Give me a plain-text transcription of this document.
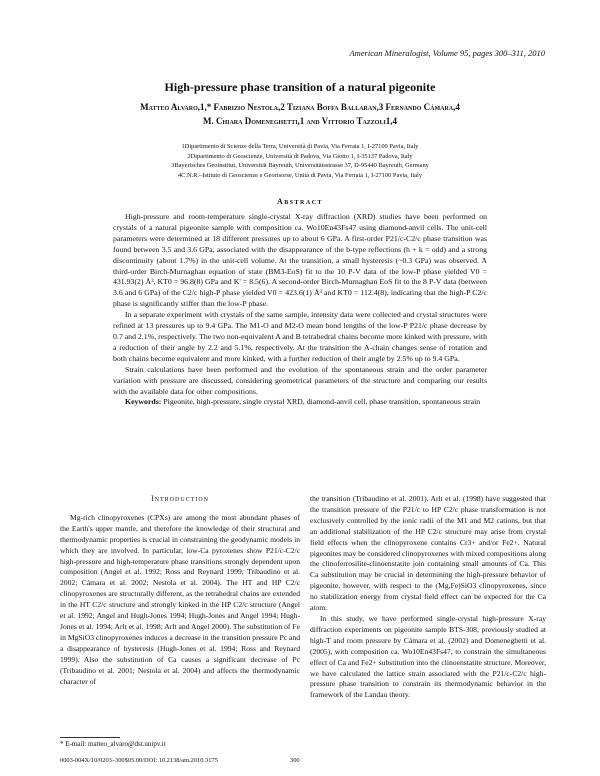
American Mineralogist, Volume 95, pages 300–311, 2010
High-pressure phase transition of a natural pigeonite
Matteo Alvaro,1,* Fabrizio Nestola,2 Tiziana Boffa Ballaran,3 Fernando Cámara,4
M. Chiara Domeneghetti,1 and Vittorio Tazzoli1,4
1Dipartimento di Scienze della Terra, Università di Pavia, Via Ferrata 1, I-27100 Pavia, Italy
2Dipartimento di Geoscienze, Università di Padova, Via Giotto 1, I-35137 Padova, Italy
3Bayerisches Geoinstitut, Universität Bayreuth, Universitätsstrasse 37, D-95440 Bayreuth, Germany
4C.N.R.–Istituto di Geoscienze e Georisorse, Unità di Pavia, Via Ferrata 1, I-27100 Pavia, Italy
Abstract

High-pressure and room-temperature single-crystal X-ray diffraction (XRD) studies have been performed on crystals of a natural pigeonite sample with composition ca. Wo10En43Fs47 using diamond-anvil cells. The unit-cell parameters were determined at 18 different pressures up to about 6 GPa. A first-order P21/c-C2/c phase transition was found between 3.5 and 3.6 GPa, associated with the disappearance of the b-type reflections (h + k = odd) and a strong discontinuity (about 1.7%) in the unit-cell volume. At the transition, a small hysteresis (~0.3 GPa) was observed. A third-order Birch-Murnaghan equation of state (BM3-EoS) fit to the 10 P-V data of the low-P phase yielded V0 = 431.93(2) Å³, KT0 = 96.8(8) GPa and K' = 8.5(6). A second-order Birch-Murnaghan EoS fit to the 8 P-V data (between 3.6 and 6 GPa) of the C2/c high-P phase yielded V0 = 423.6(1) Å³ and KT0 = 112.4(8), indicating that the high-P C2/c phase is significantly stiffer than the low-P phase.

In a separate experiment with crystals of the same sample, intensity data were collected and crystal structures were refined at 13 pressures up to 9.4 GPa. The M1-O and M2-O mean bond lengths of the low-P P21/c phase decrease by 0.7 and 2.1%, respectively. The two non-equivalent A and B tetrahedral chains become more kinked with pressure, with a reduction of their angle by 2.2 and 5.1%, respectively. At the transition the A-chain changes sense of rotation and both chains become equivalent and more kinked, with a further reduction of their angle by 2.5% up to 9.4 GPa.

Strain calculations have been performed and the evolution of the spontaneous strain and the order parameter variation with pressure are discussed, considering geometrical parameters of the structure and comparing our results with the available data for other compositions.

Keywords: Pigeonite, high-pressure, single crystal XRD, diamond-anvil cell, phase transition, spontaneous strain

Introduction

Mg-rich clinopyroxenes (CPXs) are among the most abundant phases of the Earth's upper mantle, and therefore the knowledge of their structural and thermodynamic properties is crucial in constraining the geodynamic models in which they are involved. In particular, low-Ca pyroxenes show P21/c-C2/c high-pressure and high-temperature phase transitions strongly dependent upon composition (Angel et al. 1992; Ross and Reynard 1999; Tribaudino et al. 2002; Cámara et al. 2002; Nestola et al. 2004). The HT and HP C2/c clinopyroxenes are structurally different, as the tetrahedral chains are extended in the HT C2/c structure and strongly kinked in the HP C2/c structure (Angel et al. 1992; Angel and Hugh-Jones 1994; Hugh-Jones and Angel 1994; Hugh-Jones et al. 1994; Arlt et al. 1998; Arlt and Angel 2000). The substitution of Fe in MgSiO3 clinopyroxenes induces a decrease in the transition pressure Pc and a disappearance of hysteresis (Hugh-Jones et al. 1994; Ross and Reynard 1999). Also the substitution of Ca causes a significant decrease of Pc (Tribaudino et al. 2001; Nestola et al. 2004) and affects the thermodynamic character of

the transition (Tribaudino et al. 2001). Arlt et al. (1998) have suggested that the transition pressure of the P21/c to HP C2/c phase transformation is not exclusively controlled by the ionic radii of the M1 and M2 cations, but that an additional stabilization of the HP C2/c structure may arise from crystal field effects when the clinopyroxene contains Cr3+ and/or Fe2+. Natural pigeonites may be considered clinopyroxenes with mixed compositions along the clinoferrosilite-clinoenstatite join containing small amounts of Ca. This Ca substitution may be crucial in determining the high-pressure behavior of pigeonite, however, with respect to the (Mg,Fe)SiO3 clinopyroxenes, since no stabilization energy from crystal field effect can be expected for the Ca atom.

In this study, we have performed single-crystal high-pressure X-ray diffraction experiments on pigeonite sample BTS-308, previously studied at high-T and room pressure by Cámara et al. (2002) and Domeneghetti et al. (2005), with composition ca. Wo10En43Fs47, to constrain the simultaneous effect of Ca and Fe2+ substitution into the clinoenstatite structure. Moreover, we have calculated the lattice strain associated with the P21/c-C2/c high-pressure phase transition to constrain its thermodynamic behavior in the framework of the Landau theory.

* E-mail: matteo_alvaro@dst.unipv.it
0003-004X/10/0203–300$05.00/DOI: 10.2138/am.2010.3175	300
